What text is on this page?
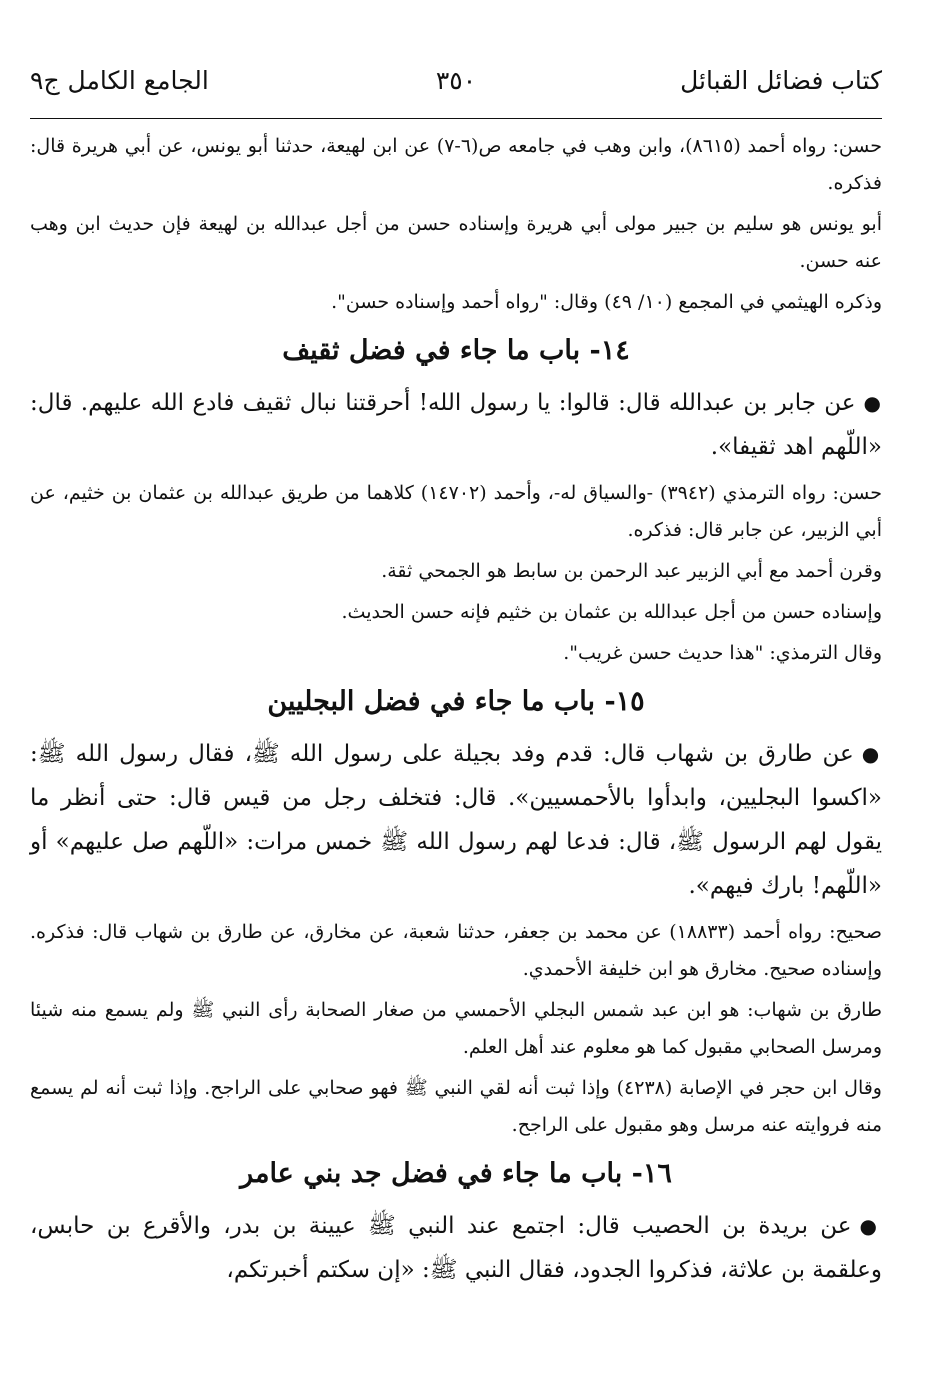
كتاب فضائل القبائل
٣٥٠
الجامع الكامل ج٩

حسن: رواه أحمد (٨٦١٥)، وابن وهب في جامعه ص(٦-٧) عن ابن لهيعة، حدثنا أبو يونس، عن أبي هريرة قال: فذكره.

أبو يونس هو سليم بن جبير مولى أبي هريرة وإسناده حسن من أجل عبدالله بن لهيعة فإن حديث ابن وهب عنه حسن.

وذكره الهيثمي في المجمع (١٠/ ٤٩) وقال: "رواه أحمد وإسناده حسن".

١٤- باب ما جاء في فضل ثقيف

●عن جابر بن عبدالله قال: قالوا: يا رسول الله! أحرقتنا نبال ثقيف فادع الله عليهم. قال: «اللّهم اهد ثقيفا».

حسن: رواه الترمذي (٣٩٤٢) -والسياق له-، وأحمد (١٤٧٠٢) كلاهما من طريق عبدالله بن عثمان بن خثيم، عن أبي الزبير، عن جابر قال: فذكره.

وقرن أحمد مع أبي الزبير عبد الرحمن بن سابط هو الجمحي ثقة.

وإسناده حسن من أجل عبدالله بن عثمان بن خثيم فإنه حسن الحديث.

وقال الترمذي: "هذا حديث حسن غريب".

١٥- باب ما جاء في فضل البجليين

●عن طارق بن شهاب قال: قدم وفد بجيلة على رسول الله ﷺ، فقال رسول الله ﷺ: «اكسوا البجليين، وابدأوا بالأحمسيين». قال: فتخلف رجل من قيس قال: حتى أنظر ما يقول لهم الرسول ﷺ، قال: فدعا لهم رسول الله ﷺ خمس مرات: «اللّهم صل عليهم» أو «اللّهم! بارك فيهم».

صحيح: رواه أحمد (١٨٨٣٣) عن محمد بن جعفر، حدثنا شعبة، عن مخارق، عن طارق بن شهاب قال: فذكره. وإسناده صحيح. مخارق هو ابن خليفة الأحمدي.

طارق بن شهاب: هو ابن عبد شمس البجلي الأحمسي من صغار الصحابة رأى النبي ﷺ ولم يسمع منه شيئا ومرسل الصحابي مقبول كما هو معلوم عند أهل العلم.

وقال ابن حجر في الإصابة (٤٢٣٨) وإذا ثبت أنه لقي النبي ﷺ فهو صحابي على الراجح. وإذا ثبت أنه لم يسمع منه فروايته عنه مرسل وهو مقبول على الراجح.

١٦- باب ما جاء في فضل جد بني عامر

●عن بريدة بن الحصيب قال: اجتمع عند النبي ﷺ عيينة بن بدر، والأقرع بن حابس، وعلقمة بن علاثة، فذكروا الجدود، فقال النبي ﷺ: «إن سكتم أخبرتكم،
